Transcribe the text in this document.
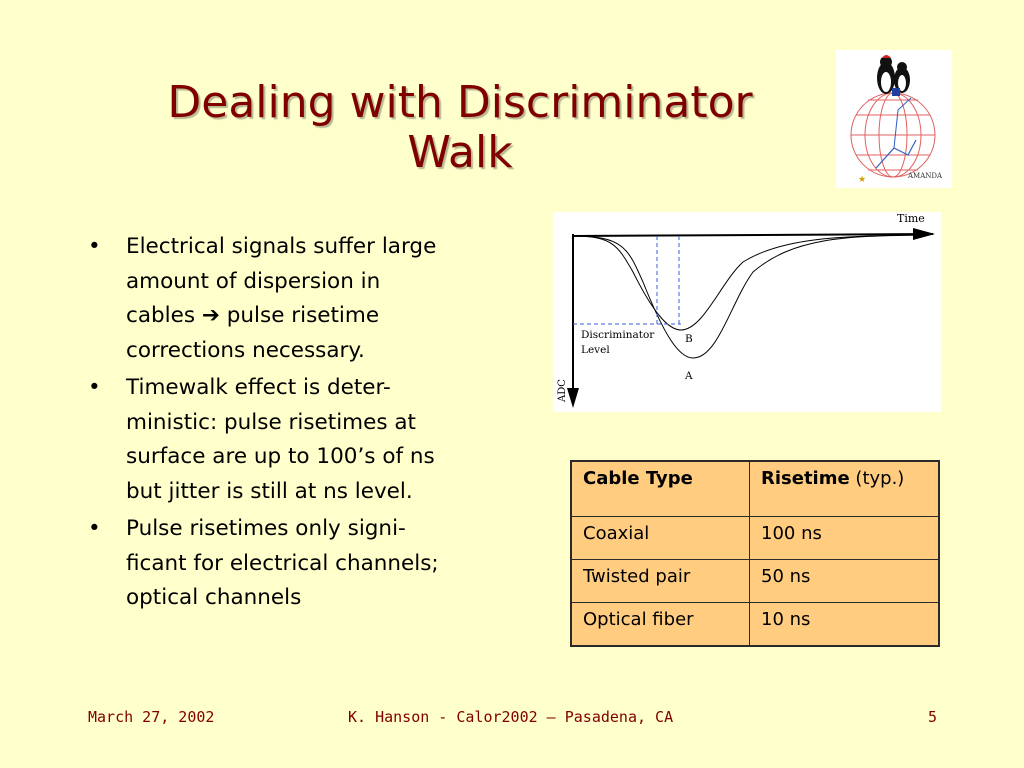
Dealing with Discriminator
Walk
★	AMANDA
• Electrical signals suffer large
amount of dispersion in
cables ➔ pulse risetime
corrections necessary.
• Timewalk effect is deter-
ministic: pulse risetimes at
surface are up to 100’s of ns
but jitter is still at ns level.
• Pulse risetimes only signi-
ficant for electrical channels;
optical channels
Time
ADC
Discriminator
Level
B
A
Cable Type	Risetime (typ.)
Coaxial	100 ns
Twisted pair	50 ns
Optical fiber	10 ns
March 27, 2002	K. Hanson - Calor2002 – Pasadena, CA	5
